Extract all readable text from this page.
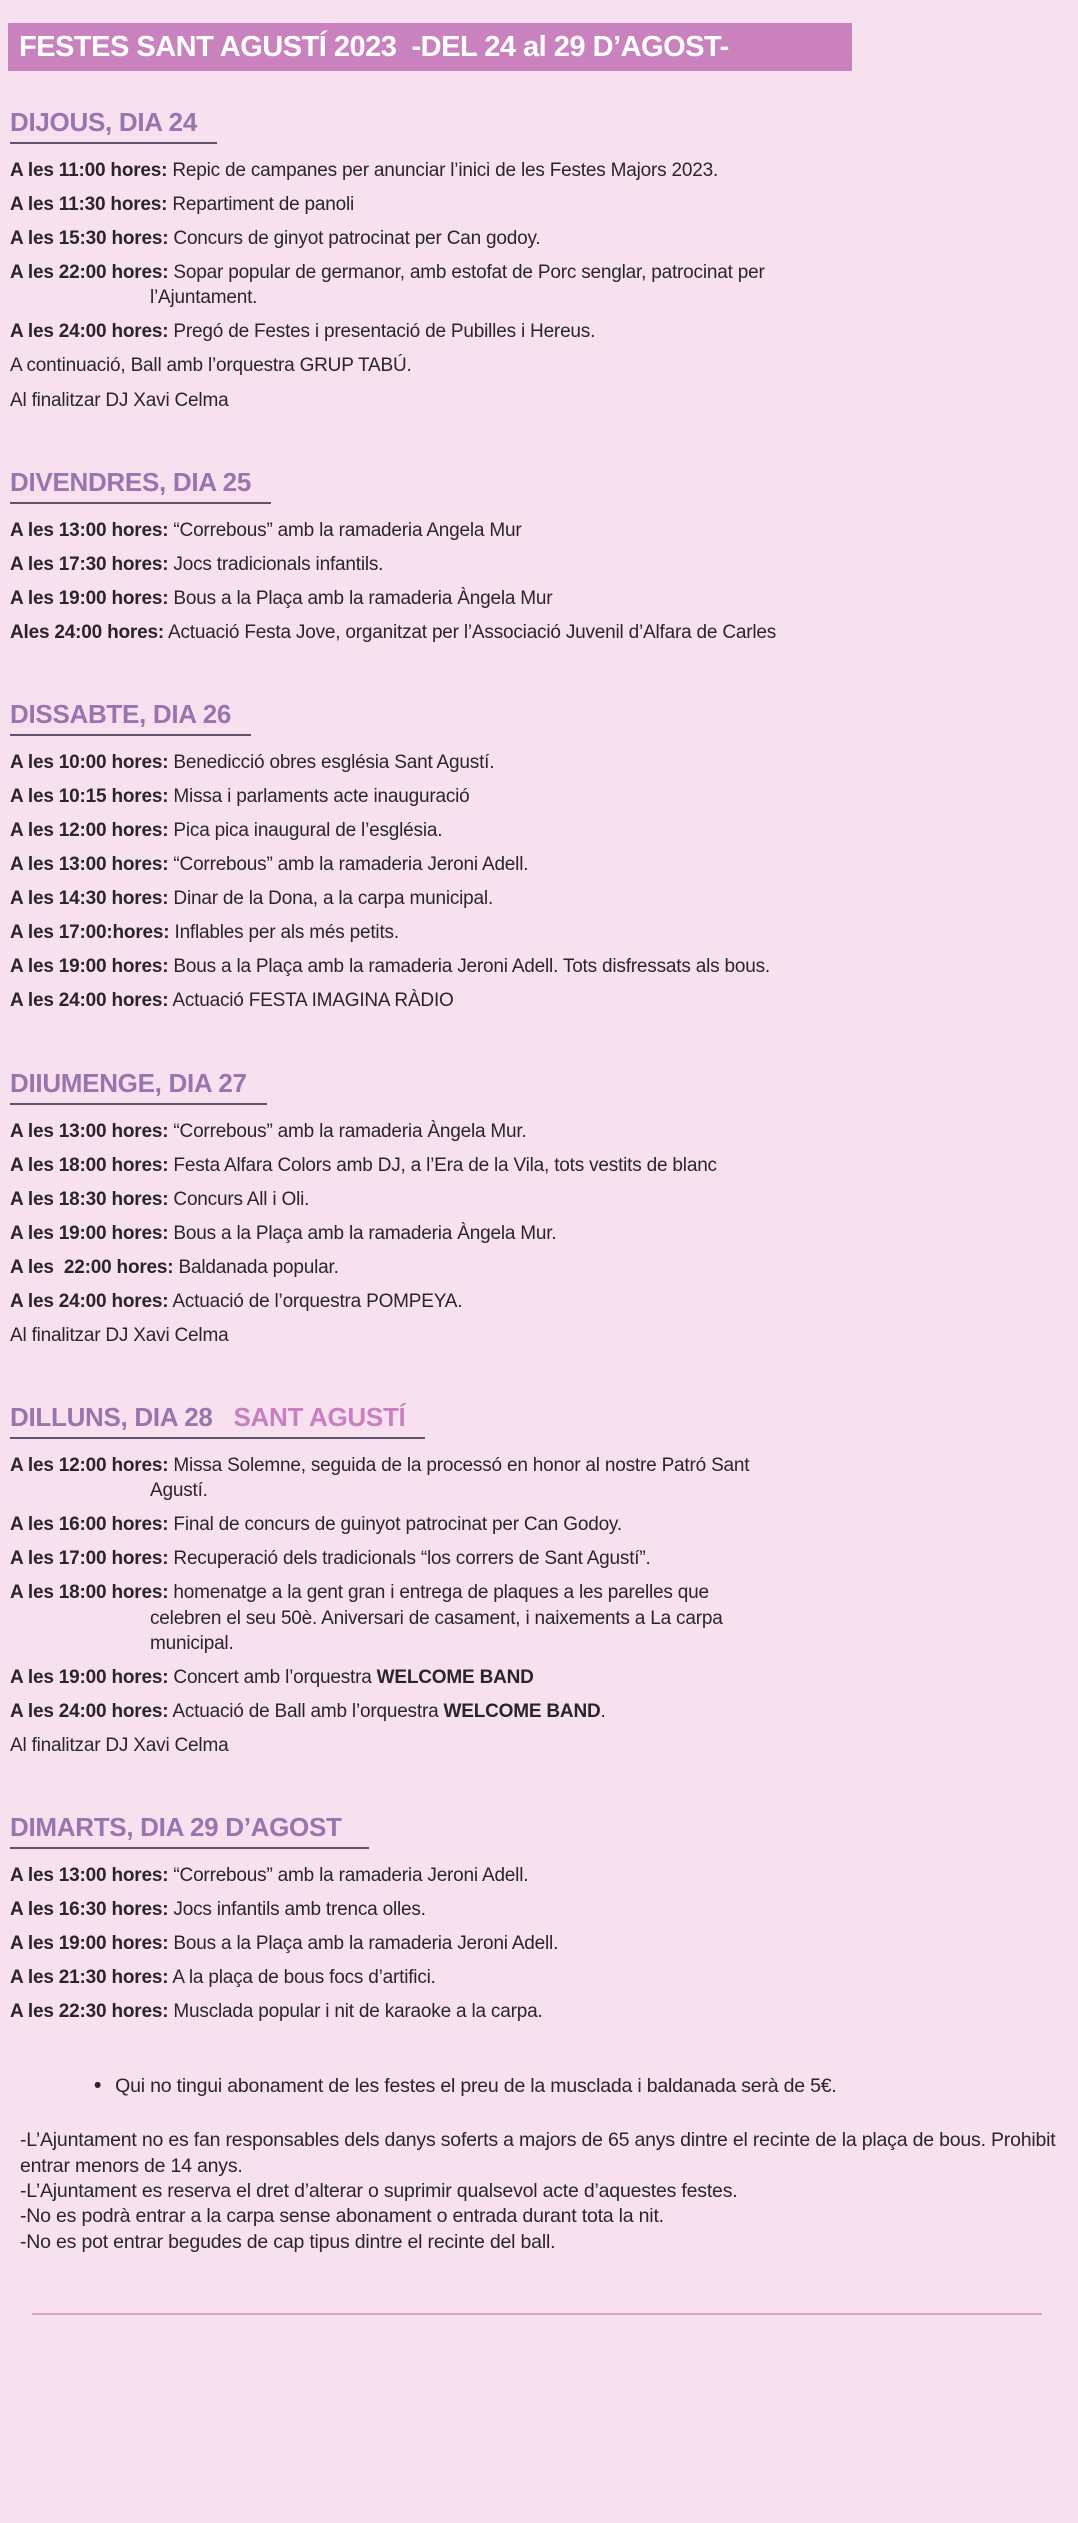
FESTES SANT AGUSTÍ 2023  -DEL 24 al 29 D’AGOST-
DIJOUS, DIA 24

A les 11:00 hores: Repic de campanes per anunciar l’inici de les Festes Majors 2023.

A les 11:30 hores: Repartiment de panoli

A les 15:30 hores: Concurs de ginyot patrocinat per Can godoy.

A les 22:00 hores: Sopar popular de germanor, amb estofat de Porc senglar, patrocinat per
l’Ajuntament.

A les 24:00 hores: Pregó de Festes i presentació de Pubilles i Hereus.

A continuació, Ball amb l’orquestra GRUP TABÚ.

Al finalitzar DJ Xavi Celma

DIVENDRES, DIA 25

A les 13:00 hores: “Correbous” amb la ramaderia Angela Mur

A les 17:30 hores: Jocs tradicionals infantils.

A les 19:00 hores: Bous a la Plaça amb la ramaderia Àngela Mur

Ales 24:00 hores: Actuació Festa Jove, organitzat per l’Associació Juvenil d’Alfara de Carles

DISSABTE, DIA 26

A les 10:00 hores: Benedicció obres església Sant Agustí.

A les 10:15 hores: Missa i parlaments acte inauguració

A les 12:00 hores: Pica pica inaugural de l’església.

A les 13:00 hores: “Correbous” amb la ramaderia Jeroni Adell.

A les 14:30 hores: Dinar de la Dona, a la carpa municipal.

A les 17:00:hores: Inflables per als més petits.

A les 19:00 hores: Bous a la Plaça amb la ramaderia Jeroni Adell. Tots disfressats als bous.

A les 24:00 hores: Actuació FESTA IMAGINA RÀDIO

DIIUMENGE, DIA 27

A les 13:00 hores: “Correbous” amb la ramaderia Àngela Mur.

A les 18:00 hores: Festa Alfara Colors amb DJ, a l’Era de la Vila, tots vestits de blanc

A les 18:30 hores: Concurs All i Oli.

A les 19:00 hores: Bous a la Plaça amb la ramaderia Àngela Mur.

A les  22:00 hores: Baldanada popular.

A les 24:00 hores: Actuació de l’orquestra POMPEYA.

Al finalitzar DJ Xavi Celma

DILLUNS, DIA 28 SANT AGUSTÍ

A les 12:00 hores: Missa Solemne, seguida de la processó en honor al nostre Patró Sant
Agustí.

A les 16:00 hores: Final de concurs de guinyot patrocinat per Can Godoy.

A les 17:00 hores: Recuperació dels tradicionals “los corrers de Sant Agustí”.

A les 18:00 hores: homenatge a la gent gran i entrega de plaques a les parelles que
celebren el seu 50è. Aniversari de casament, i naixements a La carpa
municipal.

A les 19:00 hores: Concert amb l’orquestra WELCOME BAND

A les 24:00 hores: Actuació de Ball amb l’orquestra WELCOME BAND.

Al finalitzar DJ Xavi Celma

DIMARTS, DIA 29 D’AGOST

A les 13:00 hores: “Correbous” amb la ramaderia Jeroni Adell.

A les 16:30 hores: Jocs infantils amb trenca olles.

A les 19:00 hores: Bous a la Plaça amb la ramaderia Jeroni Adell.

A les 21:30 hores: A la plaça de bous focs d’artifici.

A les 22:30 hores: Musclada popular i nit de karaoke a la carpa.

• Qui no tingui abonament de les festes el preu de la musclada i baldanada serà de 5€.

-L’Ajuntament no es fan responsables dels danys soferts a majors de 65 anys dintre el recinte de la plaça de bous. Prohibit entrar menors de 14 anys.

-L’Ajuntament es reserva el dret d’alterar o suprimir qualsevol acte d’aquestes festes.

-No es podrà entrar a la carpa sense abonament o entrada durant tota la nit.

-No es pot entrar begudes de cap tipus dintre el recinte del ball.
